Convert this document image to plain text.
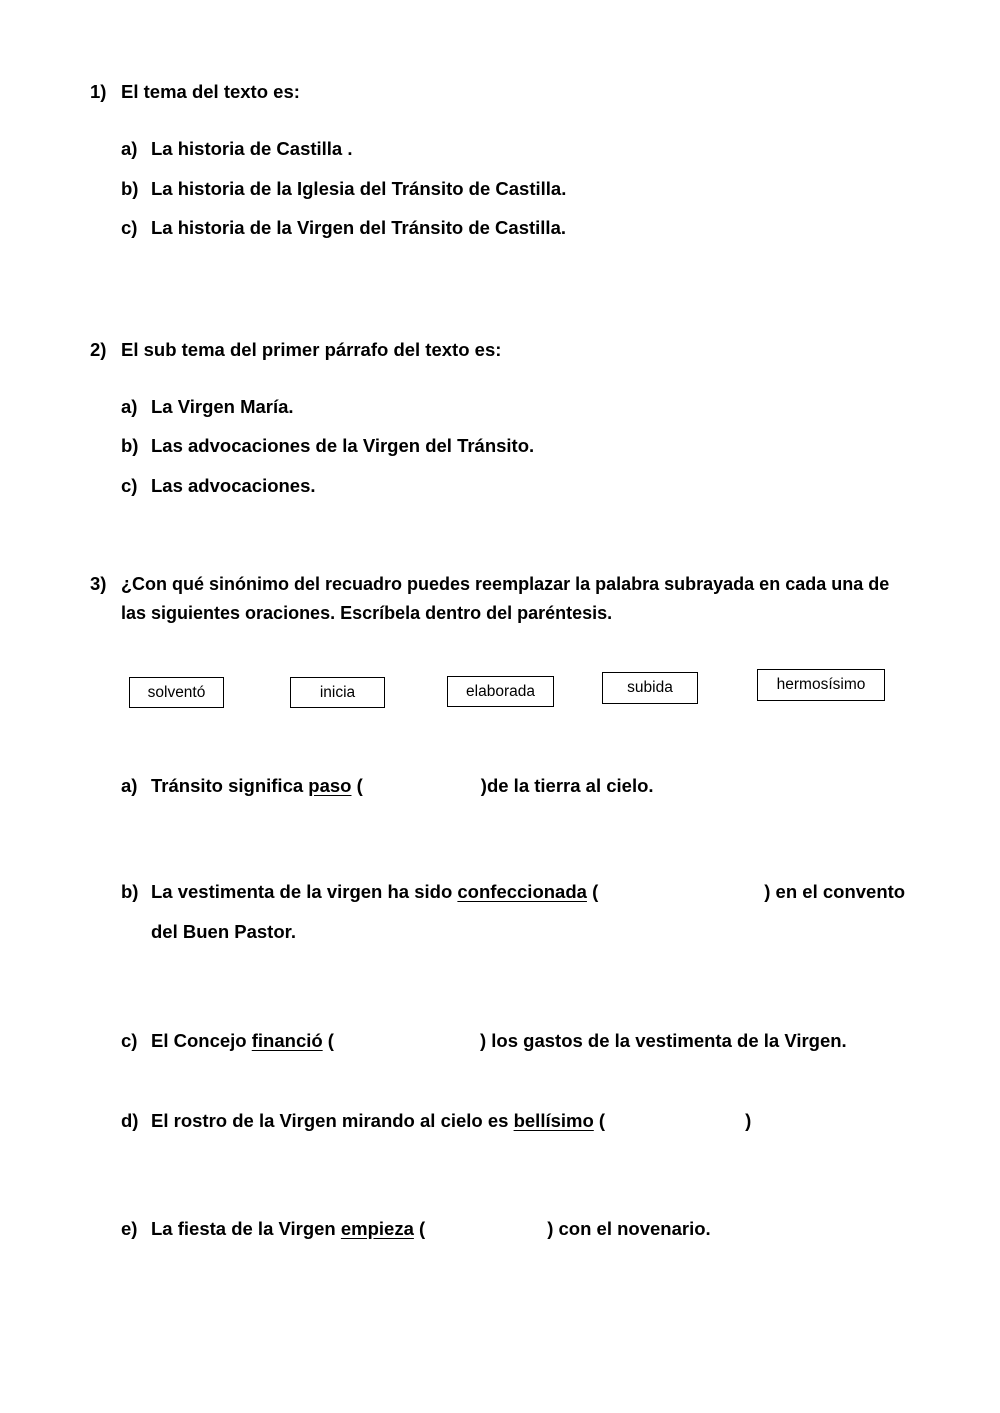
1) El tema del texto es:
a) La historia de Castilla .
b) La historia de la Iglesia del Tránsito de Castilla.
c) La historia de la Virgen del Tránsito de Castilla.
2) El sub tema del primer párrafo del texto es:
a) La Virgen María.
b) Las advocaciones de la Virgen del Tránsito.
c) Las advocaciones.
3) ¿Con qué sinónimo del recuadro puedes reemplazar la palabra subrayada en cada una de
las siguientes oraciones. Escríbela dentro del paréntesis.
solventó	inicia	elaborada	subida	hermosísimo
a) Tránsito significa paso (	)de la tierra al cielo.
b) La vestimenta de la virgen ha sido confeccionada (	) en el convento
del Buen Pastor.
c) El Concejo financió (	) los gastos de la vestimenta de la Virgen.
d) El rostro de la Virgen mirando al cielo es bellísimo (	)
e) La fiesta de la Virgen empieza (	) con el novenario.
